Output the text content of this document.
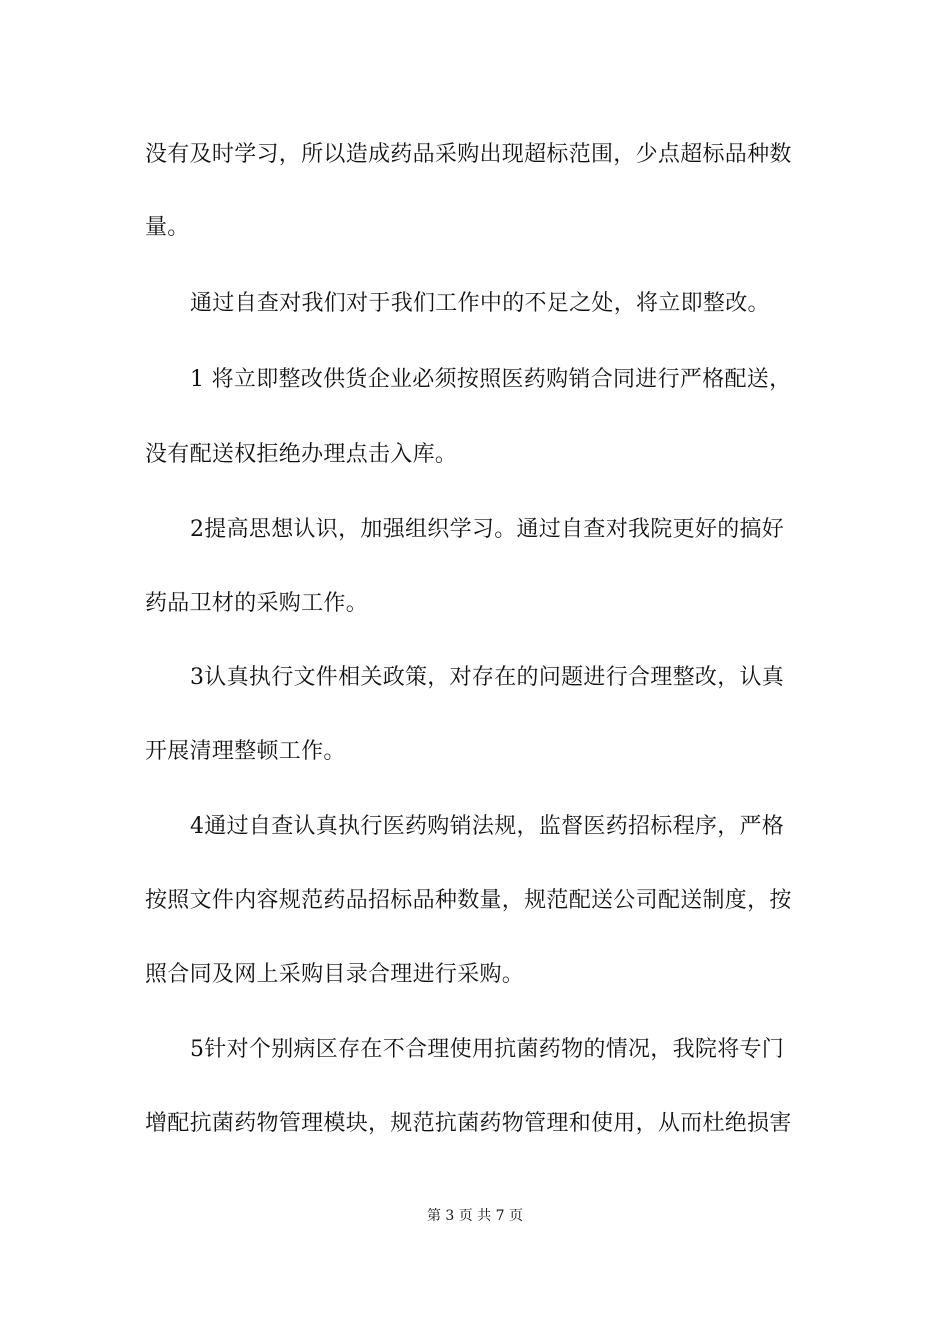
没有及时学习，所以造成药品采购出现超标范围，少点超标品种数
量。
通过自查对我们对于我们工作中的不足之处，将立即整改。
1 将立即整改供货企业必须按照医药购销合同进行严格配送，
没有配送权拒绝办理点击入库。
2提高思想认识，加强组织学习。通过自查对我院更好的搞好
药品卫材的采购工作。
3认真执行文件相关政策，对存在的问题进行合理整改，认真
开展清理整顿工作。
4通过自查认真执行医药购销法规，监督医药招标程序，严格
按照文件内容规范药品招标品种数量，规范配送公司配送制度，按
照合同及网上采购目录合理进行采购。
5针对个别病区存在不合理使用抗菌药物的情况，我院将专门
增配抗菌药物管理模块，规范抗菌药物管理和使用，从而杜绝损害
第 3 页 共 7 页
